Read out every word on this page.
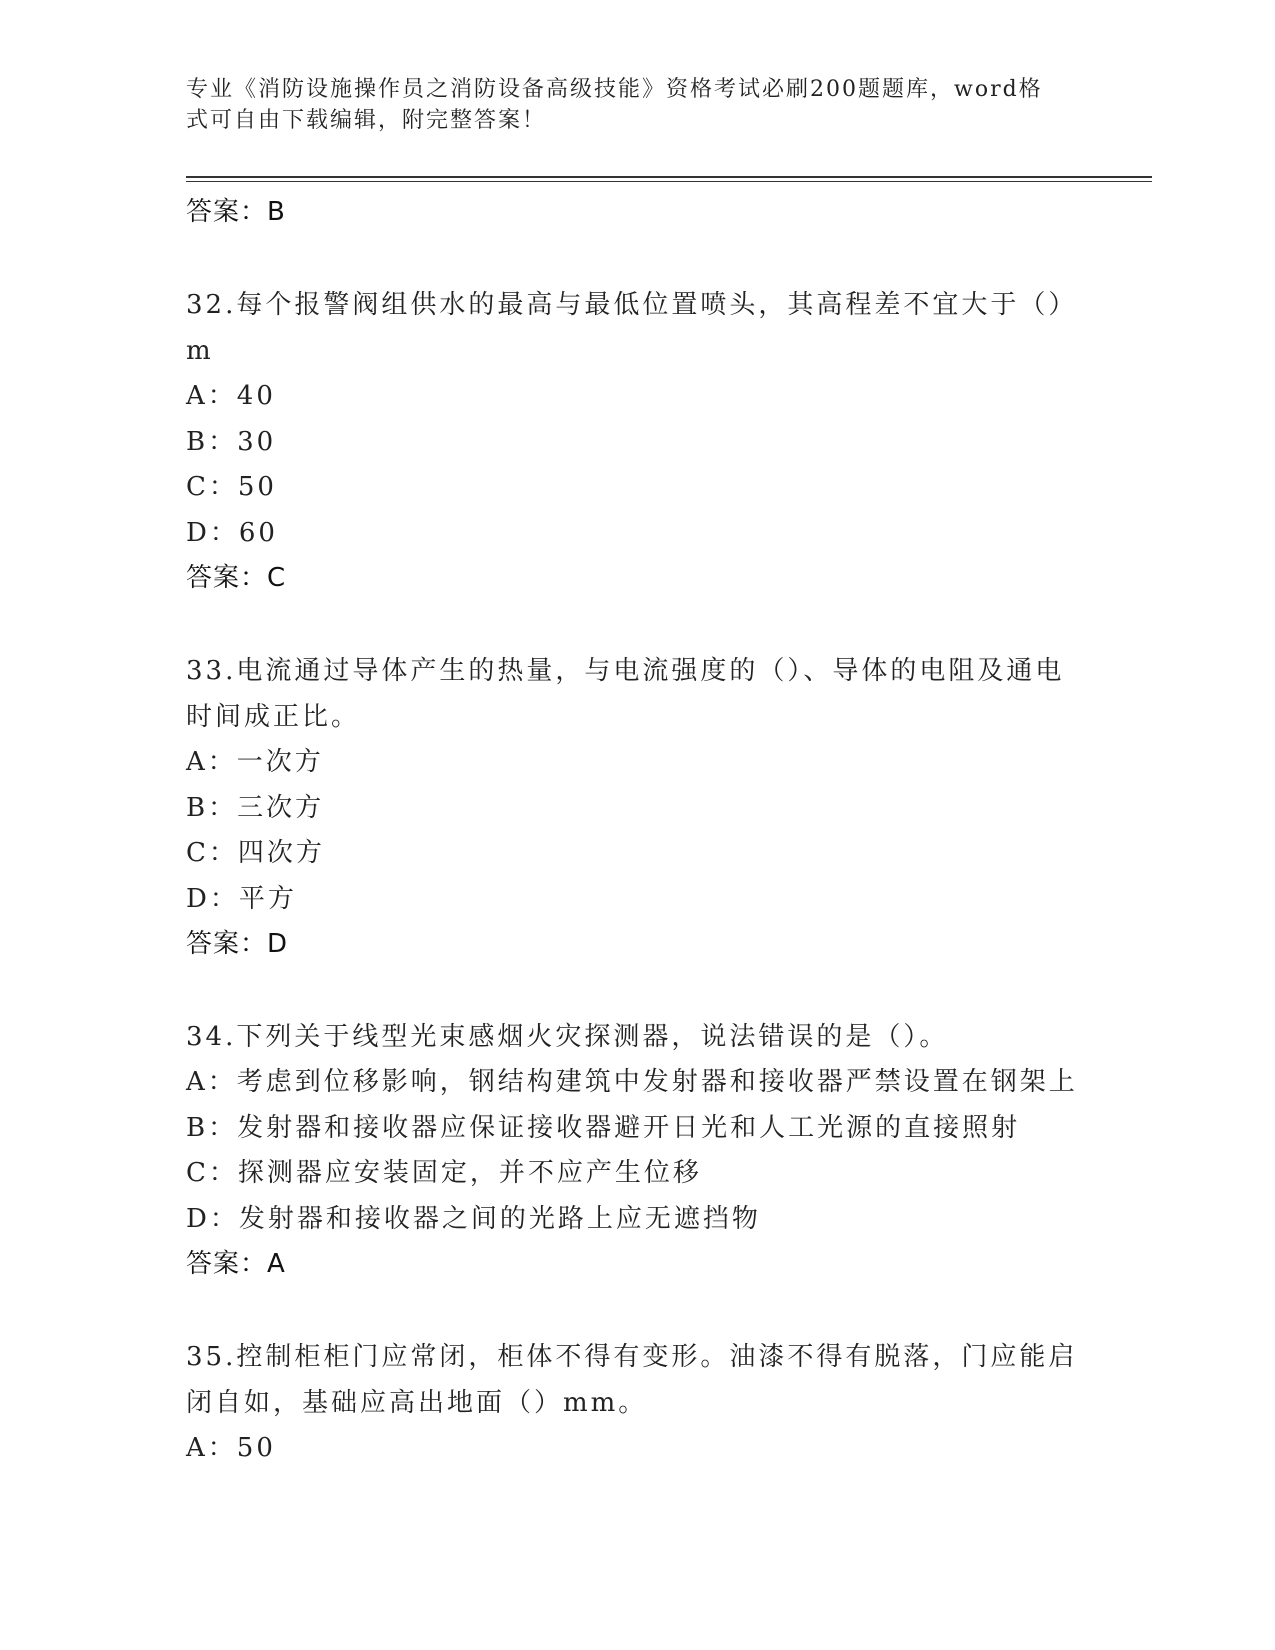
专业《消防设施操作员之消防设备高级技能》资格考试必刷200题题库，word格
式可自由下载编辑，附完整答案！
答案：B
32.每个报警阀组供水的最高与最低位置喷头，其高程差不宜大于（）
m
A：40
B：30
C：50
D：60
答案：C
33.电流通过导体产生的热量，与电流强度的（）、导体的电阻及通电
时间成正比。
A：一次方
B：三次方
C：四次方
D：平方
答案：D
34.下列关于线型光束感烟火灾探测器，说法错误的是（）。
A：考虑到位移影响，钢结构建筑中发射器和接收器严禁设置在钢架上
B：发射器和接收器应保证接收器避开日光和人工光源的直接照射
C：探测器应安装固定，并不应产生位移
D：发射器和接收器之间的光路上应无遮挡物
答案：A
35.控制柜柜门应常闭，柜体不得有变形。油漆不得有脱落，门应能启
闭自如，基础应高出地面（）mm。
A：50
